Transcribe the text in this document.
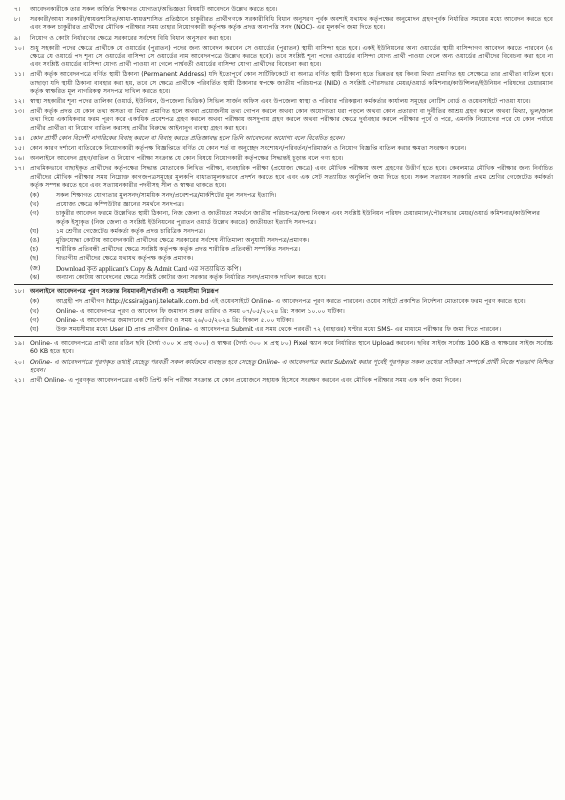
৭।	আবেদনকারীকে তার সকল অর্জিত শিক্ষাগত যোগ্যতা/অভিজ্ঞতা বিষয়টি আবেদনে উল্লেখ করতে হবে।
৮।	সরকারী/আধা সরকারী/স্বায়ত্তশাসিত/আধা-স্বায়ত্তশাসিত প্রতিষ্ঠানে চাকুরীরত প্রার্থীগণকে সরকারীবিধি বিধান অনুসরণ পূর্বক অবশ্যই যথাযথ কর্তৃপক্ষের অনুমোদন গ্রহণপূর্বক নির্ধারিত সময়ের মধ্যে আবেদন করতে হবে এবং সকল চাকুরীরত প্রার্থীদের মৌখিক পরীক্ষার সময় তাহার নিয়োগকারী কর্তৃপক্ষ কর্তৃক প্রদত্ত অনাপত্তি সনদ (NOC)- এর মূলকপি জমা দিতে হবে।
৯।	নিয়োগ ও কোটা নির্ধারণের ক্ষেত্রে সরকারের সর্বশেষ বিধি বিধান অনুসরণ করা হবে।
১০। শুধু সহকারী পদের ক্ষেত্রে প্রার্থীকে যে ওয়ার্ডের (পুরাতন) পদের জন্য আবেদন করবেন সে ওয়ার্ডের (পুরাতন) স্থায়ী বাসিন্দা হতে হবে। একই ইউনিয়নের অন্য ওয়ার্ডের স্থায়ী বাসিন্দাগণ আবেদন করতে পারবেন (এ ক্ষেত্রে যে ওয়ার্ডে পদ শূন্য সে ওয়ার্ডের বাসিন্দা সে ওয়ার্ডের নাম আবেদনপত্রে উল্লেখ করতে হবে)। তবে সংশ্লিষ্ট শূন্য পদের ওয়ার্ডের বাসিন্দা যোগ্য প্রার্থী পাওয়া গেলে অন্য ওয়ার্ডের প্রার্থীদের বিবেচনা করা হবে না এবং সংশ্লিষ্ট ওয়ার্ডের বাসিন্দা যোগ্য প্রার্থী পাওয়া না গেলে পার্শ্ববর্তী ওয়ার্ডের বাসিন্দা যোগ্য প্রার্থীদের বিবেচনা করা হবে।
১১। প্রার্থী কর্তৃক আবেদনপত্রে বর্ণিত স্থায়ী ঠিকানা (Permanent Address) যদি ইতোপূর্বে কোন সার্টিফিকেটে বা অন্যত্র বর্ণিত স্থায়ী ঠিকানা হতে ভিন্নতর হয় কিংবা মিথ্যা প্রমাণিত হয় সেক্ষেত্রে তার প্রার্থীতা বাতিল হবে। তাছাড়া যদি স্থায়ী ঠিকানা ব্যবহার করা হয়, তবে সে ক্ষেত্রে প্রার্থীকে পরিবর্তিত স্থায়ী ঠিকানার স্বপক্ষে জাতীয় পরিচয়পত্র (NID) ও সংশ্লিষ্ট পৌরসভার মেয়র/ওয়ার্ড কমিশনার/কাউন্সিলর/ইউনিয়ন পরিষদের চেয়ারম্যান কর্তৃক স্বাক্ষরিত মূল নাগরিকত্ব সনদপত্র দাখিল করতে হবে।
১২। স্বাস্থ্য সহকারীর শূন্য পদের তালিকা (ওয়ার্ড, ইউনিয়ন, উপজেলা ভিত্তিক) সিভিল সার্জন অফিস এবং উপজেলা স্বাস্থ্য ও পরিবার পরিকল্পনা কর্মকর্তার কার্যালয় সমূহের নোটিশ বোর্ড ও ওয়েবসাইটে পাওয়া যাবে।
১৩। প্রার্থী কর্তৃক প্রদত্ত যে কোন তথ্য অসত্য বা মিথ্যা প্রমাণিত হলে অথবা প্রয়োজনীয় তথ্য গোপন করলে অথবা কোন অযোগ্যতা ধরা পড়লে অথবা কোন প্রতারণা বা দুর্নীতির আশ্রয় গ্রহণ করলে অথবা মিথ্যা, ভুল/জাল তথ্য দিয়ে একাধিকবার ফরম পূরণ করে একাধিক প্রবেশপত্র গ্রহণ করলে অথবা পরীক্ষায় অসদুপায় গ্রহণ করলে অথবা পরীক্ষার ক্ষেত্রে দুর্ব্যবহার করলে পরীক্ষার পূর্বে ও পরে, এমনকি নিয়োগের পরে যে কোন পর্যায়ে প্রার্থীর প্রার্থীতা বা নিয়োগ বাতিল করাসহ প্রার্থীর বিরুদ্ধে আইনানুগ ব্যবস্থা গ্রহণ করা হবে।
১৪। কোন প্রার্থী কোন বিদেশী নাগরিকের বিবাহ করলে বা বিবাহ করতে প্রতিজ্ঞাবদ্ধ হলে তিনি আবেদনের অযোগ্য বলে বিবেচিত হবেন।
১৫। কোন কারণ দর্শানো ব্যতিরেকে নিয়োগকারী কর্তৃপক্ষ বিজ্ঞপ্তিতে বর্ণিত যে কোন শর্ত বা অনুচ্ছেদ সংশোধন/পরিবর্তন/পরিমার্জন ও নিয়োগ বিজ্ঞপ্তি বাতিল করার ক্ষমতা সংরক্ষণ করেন।
১৬। অনলাইনে আবেদন গ্রহণ/বাতিল ও নিয়োগ পরীক্ষা সংক্রান্ত যে কোন বিষয়ে নিয়োগকারী কর্তৃপক্ষের সিদ্ধান্তই চূড়ান্ত বলে গণ্য হবে।
১৭। প্রাথমিকভাবে বাছাইকৃত প্রার্থীদের কর্তৃপক্ষের সিদ্ধান্ত মোতাবেক লিখিত পরীক্ষা, ব্যবহারিক পরীক্ষা (প্রযোজ্য ক্ষেত্রে) এবং মৌখিক পরীক্ষায় অংশ গ্রহণের উত্তীর্ণ হতে হবে। কেবলমাত্র মৌখিক পরীক্ষার জন্য নির্বাচিত প্রার্থীদের মৌখিক পরীক্ষার সময় নিম্নোক্ত কাগজপত্রসমূহের মূলকপি বাধ্যতামূলকভাবে প্রদর্শন করতে হবে এবং এক সেট সত্যায়িত অনুলিপি জমা দিতে হবে। সকল সত্যায়ন সরকারি প্রথম শ্রেণির গেজেটেড কর্মকর্তা কর্তৃক সম্পন্ন করতে হবে এবং সত্যায়নকারীর পদবীসহ সীল ও স্বাক্ষর থাকতে হবে।
(ক)	সকল শিক্ষাগত যোগ্যতার মুলসনদ/সাময়িক সনদ/প্রবেশপত্র/মার্কশিটের মূল সনদপত্র ইত্যাদি।
(খ)	প্রযোজ্য ক্ষেত্রে কম্পিউটার জ্ঞানের সমর্থনে সনদপত্র।
(গ)	চাকুরীর আবেদন ফরমে উল্লেখিত স্থায়ী ঠিকানা, নিজ জেলা ও জাতীয়তা সমর্থনে জাতীয় পরিচয়পত্র/জন্ম নিবন্ধন এবং সংশ্লিষ্ট ইউনিয়ন পরিষদ চেয়ারম্যান/পৌরসভার মেয়র/ওয়ার্ড কমিশনার/কাউন্সিলর কর্তৃক ইস্যুকৃত (নিজ জেলা ও সংশ্লিষ্ট ইউনিয়নের পুরাতন ওয়ার্ড উল্লেখ করতে) জাতীয়তা ইত্যাদি সনদপত্র।
(ঘ)	১ম শ্রেণীর গেজেটেড কর্মকর্তা কর্তৃক প্রদত্ত চারিত্রিক সনদপত্র।
(ঙ)	মুক্তিযোদ্ধা কোটায় আবেদনকারী প্রার্থীদের ক্ষেত্রে সরকারের সর্বশেষ নীতিমালা অনুযায়ী সনদপত্র/প্রমাণক।
(চ)	শারীরিক প্রতিবন্ধী প্রার্থীদের ক্ষেত্রে সংশ্লিষ্ট কর্তৃপক্ষ কর্তৃক প্রদত্ত শারীরিক প্রতিবন্ধী সম্পর্কিত সনদপত্র।
(ছ)	বিভাগীয় প্রার্থীদের ক্ষেত্রে যথাযথ কর্তৃপক্ষ কর্তৃক প্রমাণক।
(জ)	Download কৃত applicant's Copy & Admit Card এর সত্যায়িত কপি।
(ঝ)	অন্যান্য কোটায় আবেদনের ক্ষেত্রে সংশ্লিষ্ট কোটার জন্য সরকার কর্তৃক নির্ধারিত সনদ/প্রমাণক দাখিল করতে হবে।
১৮। অনলাইনে আবেদনপত্র পূরণ সংক্রান্ত নিয়মাবলী/শর্তাবলী ও সময়সীমা নিম্নরূপ
(ক)	আগ্রহী পদ প্রার্থীগণ http://cssirajganj.teletalk.com.bd এই ওয়েবসাইটে Online- এ আবেদনপত্র পূরণ করতে পারবেন। ওয়েব সাইটে প্রকাশিত নির্দেশনা মোতাবেক ফরম পূরণ করতে হবে।
(খ)	Online- এ আবেদনপত্র পূরণ ও আবেদন ফি জমাদান শুরুর তারিখ ও সময় ০৭/০৫/২০২৪ খ্রি: সকাল ১০.০০ ঘটিকা।
(গ)	Online- এ আবেদনপত্র জমাদানের শেষ তারিখ ও সময় ২৬/০৫/২০২৪ খ্রি: বিকাল ৫.০০ ঘটিকা।
(ঘ)	উক্ত সময়সীমার মধ্যে User ID প্রাপ্ত প্রার্থীগণ Online- এ আবেদনপত্র Submit এর সময় থেকে পরবর্তী ৭২ (বাহাত্তর) ঘণ্টার মধ্যে SMS- এর মাধ্যমে পরীক্ষার ফি জমা দিতে পারবেন।
১৯। Online- এ আবেদনপত্রে প্রার্থী তার রঙিন ছবি (দৈর্ঘ্য ৩০০ × প্রস্থ ৩০০) ও স্বাক্ষর (দৈর্ঘ্য ৩০০ × প্রস্থ ৮০) Pixel স্ক্যান করে নির্ধারিত স্থানে Upload করবেন। ছবির সাইজ সর্বোচ্চ 100 KB ও স্বাক্ষরের সাইজ সর্বোচ্চ 60 KB হতে হবে।
২০। Online- এ আবেদনপত্রে পূরণকৃত তথ্যই যেহেতু পরবর্তী সকল কার্যক্রমে ব্যবহৃত হবে সেহেতু Online- এ আবেদনপত্র করার Submit করার পূর্বেই পূরণকৃত সকল তথ্যের সঠিকতা সম্পর্কে প্রার্থী নিজে শতভাগ নিশ্চিত হবেন।
২১। প্রার্থী Online- এ পূরণকৃত আবেদনপত্রের একটি প্রিন্ট কপি পরীক্ষা সংক্রান্ত যে কোন প্রয়োজনে সহায়ক হিসেবে সংরক্ষণ করবেন এবং মৌখিক পরীক্ষার সময় এক কপি জমা দিবেন।
